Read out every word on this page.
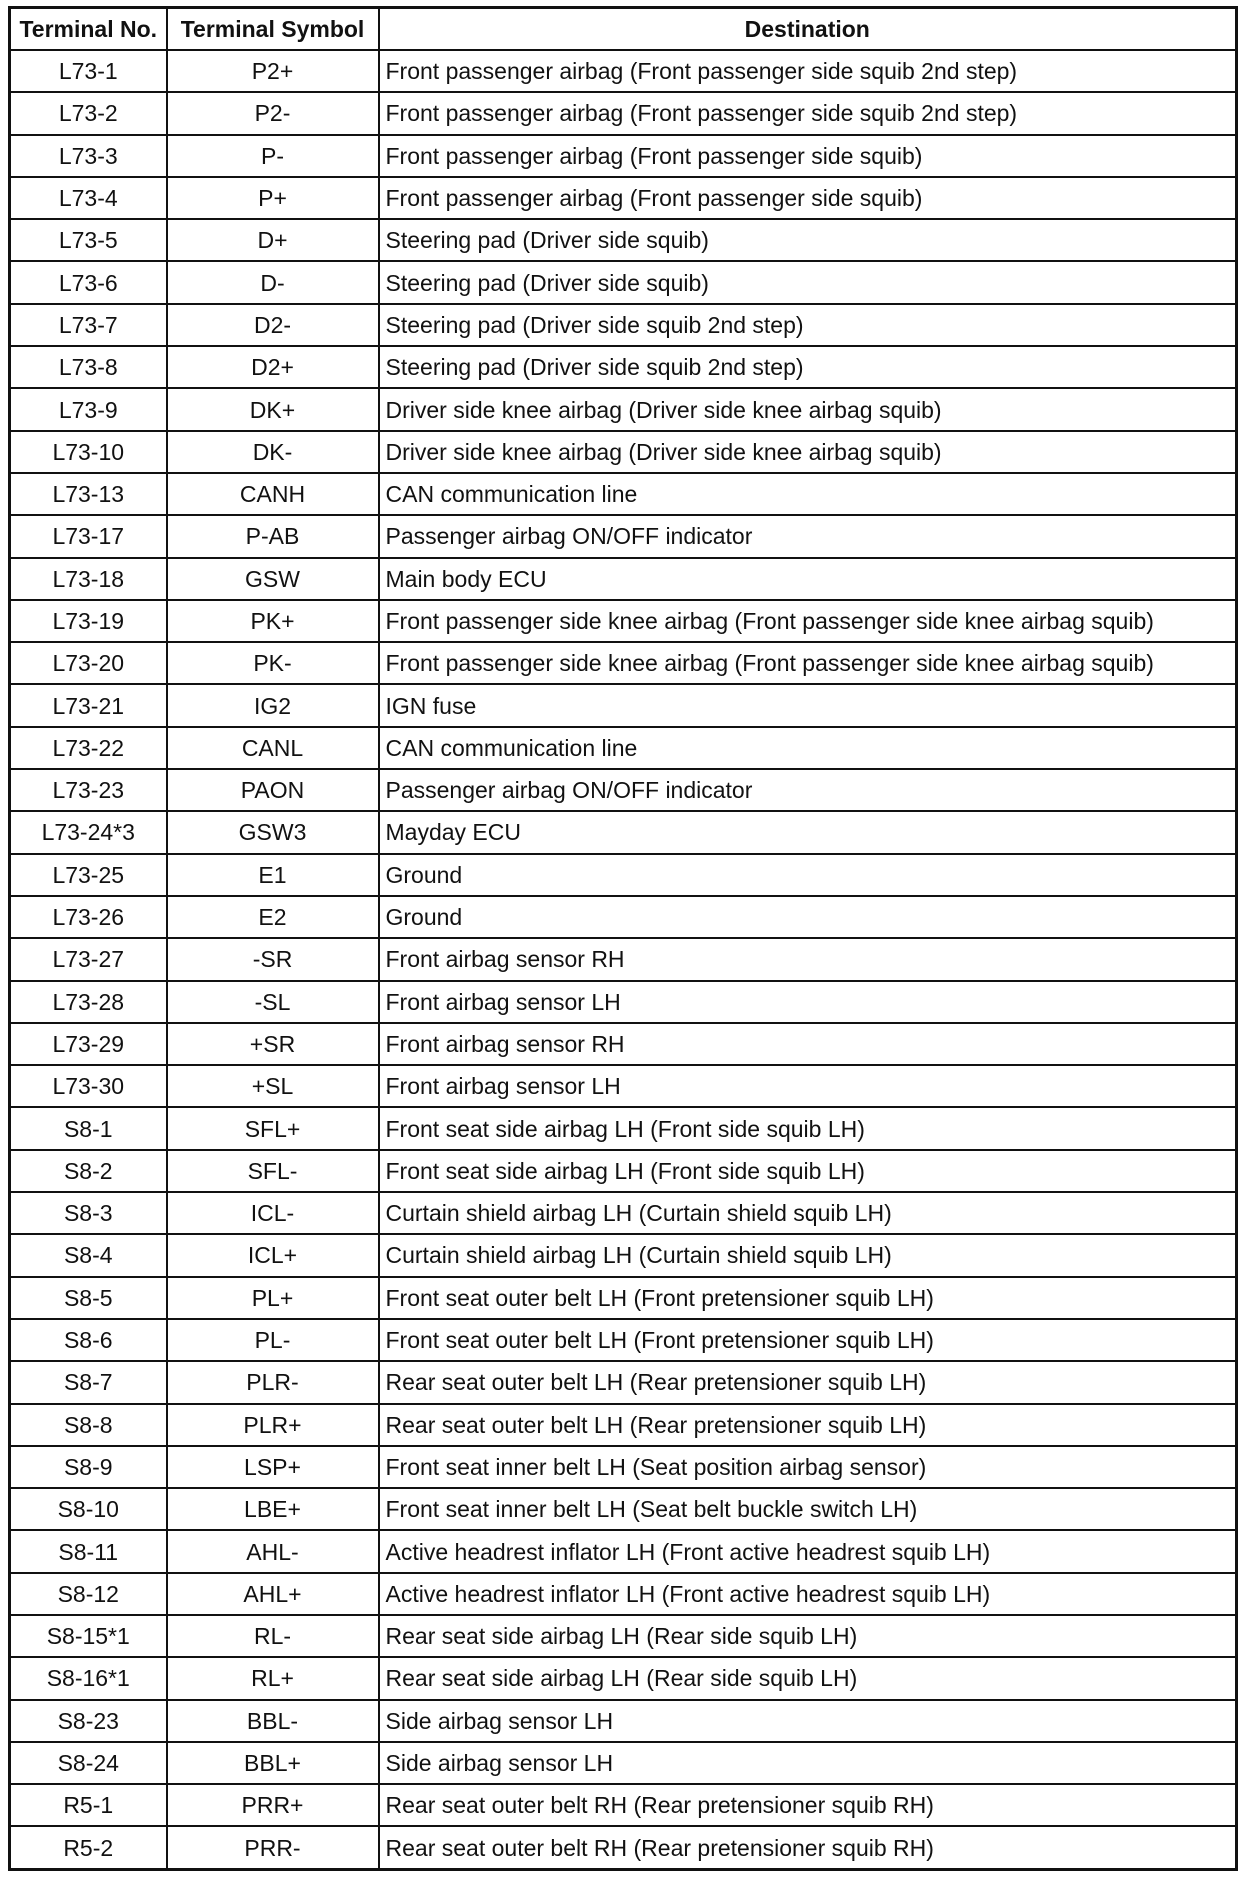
Terminal No.	Terminal Symbol	Destination
L73-1	P2+	Front passenger airbag (Front passenger side squib 2nd step)
L73-2	P2-	Front passenger airbag (Front passenger side squib 2nd step)
L73-3	P-	Front passenger airbag (Front passenger side squib)
L73-4	P+	Front passenger airbag (Front passenger side squib)
L73-5	D+	Steering pad (Driver side squib)
L73-6	D-	Steering pad (Driver side squib)
L73-7	D2-	Steering pad (Driver side squib 2nd step)
L73-8	D2+	Steering pad (Driver side squib 2nd step)
L73-9	DK+	Driver side knee airbag (Driver side knee airbag squib)
L73-10	DK-	Driver side knee airbag (Driver side knee airbag squib)
L73-13	CANH	CAN communication line
L73-17	P-AB	Passenger airbag ON/OFF indicator
L73-18	GSW	Main body ECU
L73-19	PK+	Front passenger side knee airbag (Front passenger side knee airbag squib)
L73-20	PK-	Front passenger side knee airbag (Front passenger side knee airbag squib)
L73-21	IG2	IGN fuse
L73-22	CANL	CAN communication line
L73-23	PAON	Passenger airbag ON/OFF indicator
L73-24*3	GSW3	Mayday ECU
L73-25	E1	Ground
L73-26	E2	Ground
L73-27	-SR	Front airbag sensor RH
L73-28	-SL	Front airbag sensor LH
L73-29	+SR	Front airbag sensor RH
L73-30	+SL	Front airbag sensor LH
S8-1	SFL+	Front seat side airbag LH (Front side squib LH)
S8-2	SFL-	Front seat side airbag LH (Front side squib LH)
S8-3	ICL-	Curtain shield airbag LH (Curtain shield squib LH)
S8-4	ICL+	Curtain shield airbag LH (Curtain shield squib LH)
S8-5	PL+	Front seat outer belt LH (Front pretensioner squib LH)
S8-6	PL-	Front seat outer belt LH (Front pretensioner squib LH)
S8-7	PLR-	Rear seat outer belt LH (Rear pretensioner squib LH)
S8-8	PLR+	Rear seat outer belt LH (Rear pretensioner squib LH)
S8-9	LSP+	Front seat inner belt LH (Seat position airbag sensor)
S8-10	LBE+	Front seat inner belt LH (Seat belt buckle switch LH)
S8-11	AHL-	Active headrest inflator LH (Front active headrest squib LH)
S8-12	AHL+	Active headrest inflator LH (Front active headrest squib LH)
S8-15*1	RL-	Rear seat side airbag LH (Rear side squib LH)
S8-16*1	RL+	Rear seat side airbag LH (Rear side squib LH)
S8-23	BBL-	Side airbag sensor LH
S8-24	BBL+	Side airbag sensor LH
R5-1	PRR+	Rear seat outer belt RH (Rear pretensioner squib RH)
R5-2	PRR-	Rear seat outer belt RH (Rear pretensioner squib RH)
